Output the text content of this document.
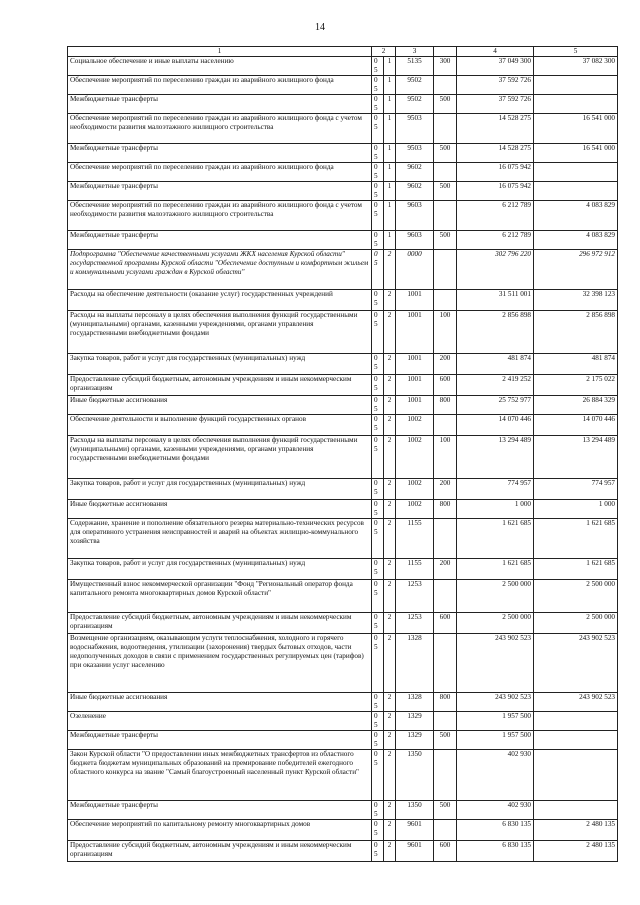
14
1	2		3		4	5
Социальное обеспечение и иные выплаты населению	05	1	5135	300	37 049 300	37 082 300
Обеспечение мероприятий по переселению граждан из аварийного жилищного фонда	05	1	9502		37 592 726	
Межбюджетные трансферты	05	1	9502	500	37 592 726	
Обеспечение мероприятий по переселению граждан из аварийного жилищного фонда с учетом необходимости развития малоэтажного жилищного строительства	05	1	9503		14 528 275	16 541 000
Межбюджетные трансферты	05	1	9503	500	14 528 275	16 541 000
Обеспечение мероприятий по переселению граждан из аварийного жилищного фонда	05	1	9602		16 075 942	
Межбюджетные трансферты	05	1	9602	500	16 075 942	
Обеспечение мероприятий по переселению граждан из аварийного жилищного фонда с учетом необходимости развития малоэтажного жилищного строительства	05	1	9603		6 212 789	4 083 829
Межбюджетные трансферты	05	1	9603	500	6 212 789	4 083 829
Подпрограмма "Обеспечение качественными услугами ЖКХ населения Курской области" государственной программы Курской области "Обеспечение доступным и комфортным жильем и коммунальными услугами граждан в Курской области"	05	2	0000		302 796 220	296 972 912
Расходы на обеспечение деятельности (оказание услуг) государственных учреждений	05	2	1001		31 511 001	32 398 123
Расходы на выплаты персоналу в целях обеспечения выполнения функций государственными (муниципальными) органами, казенными учреждениями, органами управления государственными внебюджетными фондами	05	2	1001	100	2 856 898	2 856 898
Закупка товаров, работ и услуг для государственных (муниципальных) нужд	05	2	1001	200	481 874	481 874
Предоставление субсидий бюджетным, автономным учреждениям и иным некоммерческим организациям	05	2	1001	600	2 419 252	2 175 022
Иные бюджетные ассигнования	05	2	1001	800	25 752 977	26 884 329
Обеспечение деятельности и выполнение функций государственных органов	05	2	1002		14 070 446	14 070 446
Расходы на выплаты персоналу в целях обеспечения выполнения функций государственными (муниципальными) органами, казенными учреждениями, органами управления государственными внебюджетными фондами	05	2	1002	100	13 294 489	13 294 489
Закупка товаров, работ и услуг для государственных (муниципальных) нужд	05	2	1002	200	774 957	774 957
Иные бюджетные ассигнования	05	2	1002	800	1 000	1 000
Содержание, хранение и пополнение обязательного резерва материально-технических ресурсов для оперативного устранения неисправностей и аварий на объектах жилищно-коммунального хозяйства	05	2	1155		1 621 685	1 621 685
Закупка товаров, работ и услуг для государственных (муниципальных) нужд	05	2	1155	200	1 621 685	1 621 685
Имущественный взнос некоммерческой организации "Фонд "Региональный оператор фонда капитального ремонта многоквартирных домов Курской области"	05	2	1253		2 500 000	2 500 000
Предоставление субсидий бюджетным, автономным учреждениям и иным некоммерческим организациям	05	2	1253	600	2 500 000	2 500 000
Возмещение организациям, оказывающим услуги теплоснабжения, холодного и горячего водоснабжения, водоотведения, утилизации (захоронения) твердых бытовых отходов, части недополученных доходов в связи с применением государственных регулируемых цен (тарифов) при оказании услуг населению	05	2	1328		243 902 523	243 902 523
Иные бюджетные ассигнования	05	2	1328	800	243 902 523	243 902 523
Озеленение	05	2	1329		1 957 500	
Межбюджетные трансферты	05	2	1329	500	1 957 500	
Закон Курской области "О предоставлении иных межбюджетных трансфертов из областного бюджета бюджетам муниципальных образований на премирование победителей ежегодного областного конкурса на звание "Самый благоустроенный населенный пункт Курской области"	05	2	1350		402 930	
Межбюджетные трансферты	05	2	1350	500	402 930	
Обеспечение мероприятий по капитальному ремонту многоквартирных домов	05	2	9601		6 830 135	2 480 135
Предоставление субсидий бюджетным, автономным учреждениям и иным некоммерческим организациям	05	2	9601	600	6 830 135	2 480 135
